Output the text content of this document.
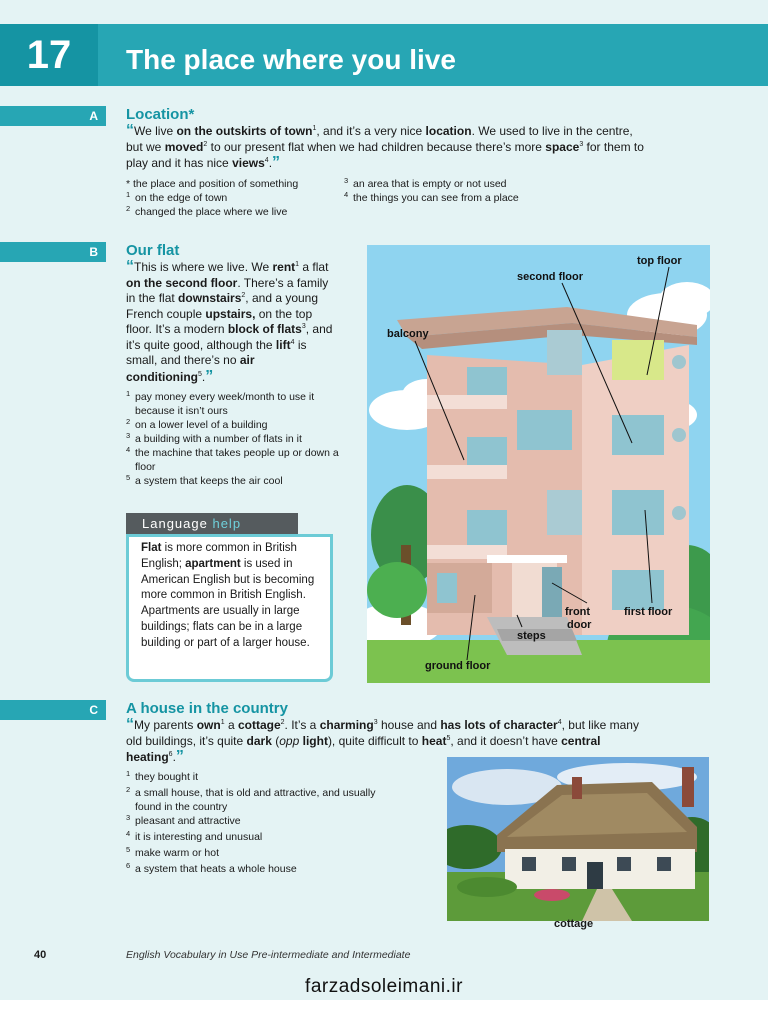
17	The place where you live
A	Location*

“We live on the outskirts of town$^1$, and it’s a very nice location. We used to live in the centre, but we moved$^2$ to our present flat when we had children because there’s more space$^3$ for them to play and it has nice views$^4$.”

* the place and position of something
1 on the edge of town
2 changed the place where we live
3 an area that is empty or not used
4 the things you can see from a place
B	Our flat

“This is where we live. We rent$^1$ a flat on the second floor. There’s a family in the flat downstairs$^2$, and a young French couple upstairs, on the top floor. It’s a modern block of flats$^3$, and it’s quite good, although the lift$^4$ is small, and there’s no air conditioning$^5$.”

1 pay money every week/month to use it because it isn’t ours
2 on a lower level of a building
3 a building with a number of flats in it
4 the machine that takes people up or down a floor
5 a system that keeps the air cool
Language help

Flat is more common in British English; apartment is used in American English but is becoming more common in British English. Apartments are usually in large buildings; flats can be in a large building or part of a larger house.

top floor
second floor
balcony
front
door
first floor
steps
ground floor
C	A house in the country

“My parents own$^1$ a cottage$^2$. It’s a charming$^3$ house and has lots of character$^4$, but like many old buildings, it’s quite dark (opp light), quite difficult to heat$^5$, and it doesn’t have central heating$^6$.”

1 they bought it
2 a small house, that is old and attractive, and usually found in the country
3 pleasant and attractive
4 it is interesting and unusual
5 make warm or hot
6 a system that heats a whole house
cottage
40	English Vocabulary in Use Pre-intermediate and Intermediate
farzadsoleimani.ir
